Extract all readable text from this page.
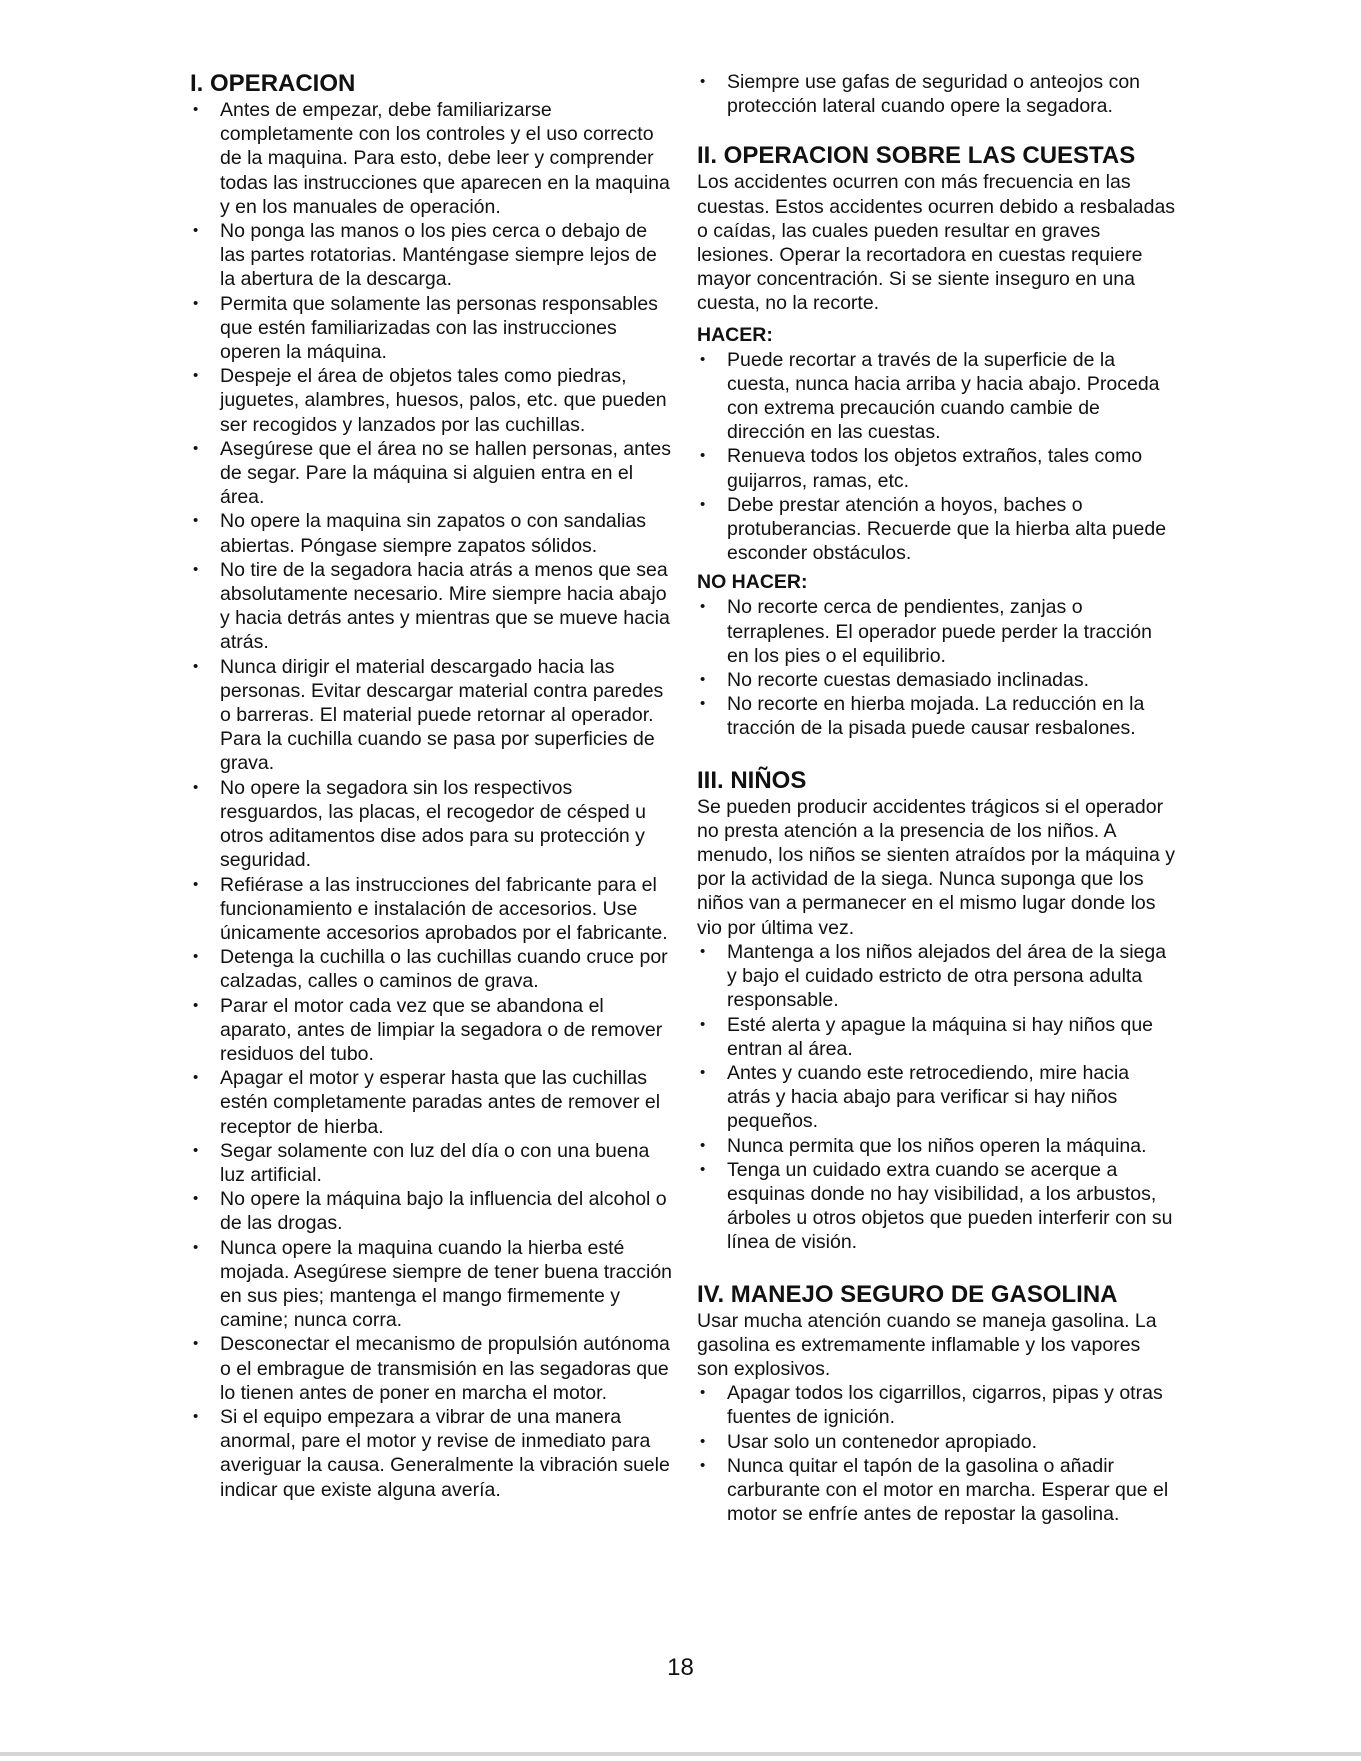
I. OPERACION
• Antes de empezar, debe familiarizarse completamente con los controles y el uso correcto de la maquina. Para esto, debe leer y comprender todas las instrucciones que aparecen en la maquina y en los manuales de operación.
• No ponga las manos o los pies cerca o debajo de las partes rotatorias. Manténgase siempre lejos de la abertura de la descarga.
• Permita que solamente las personas responsables que estén familiarizadas con las instrucciones operen la máquina.
• Despeje el área de objetos tales como piedras, juguetes, alambres, huesos, palos, etc. que pueden ser recogidos y lanzados por las cuchillas.
• Asegúrese que el área no se hallen personas, antes de segar. Pare la máquina si alguien entra en el área.
• No opere la maquina sin zapatos o con sandalias abiertas. Póngase siempre zapatos sólidos.
• No tire de la segadora hacia atrás a menos que sea absolutamente necesario. Mire siempre hacia abajo y hacia detrás antes y mientras que se mueve hacia atrás.
• Nunca dirigir el material descargado hacia las personas. Evitar descargar material contra paredes o barreras. El material puede retornar al operador. Para la cuchilla cuando se pasa por superficies de grava.
• No opere la segadora sin los respectivos resguardos, las placas, el recogedor de césped u otros aditamentos dise ados para su protección y seguridad.
• Refiérase a las instrucciones del fabricante para el funcionamiento e instalación de accesorios. Use únicamente accesorios aprobados por el fabricante.
• Detenga la cuchilla o las cuchillas cuando cruce por calzadas, calles o caminos de grava.
• Parar el motor cada vez que se abandona el aparato, antes de limpiar la segadora o de remover residuos del tubo.
• Apagar el motor y esperar hasta que las cuchillas estén completamente paradas antes de remover el receptor de hierba.
• Segar solamente con luz del día o con una buena luz artificial.
• No opere la máquina bajo la influencia del alcohol o de las drogas.
• Nunca opere la maquina cuando la hierba esté mojada. Asegúrese siempre de tener buena tracción en sus pies; mantenga el mango firmemente y camine; nunca corra.
• Desconectar el mecanismo de propulsión autónoma o el embrague de transmisión en las segadoras que lo tienen antes de poner en marcha el motor.
• Si el equipo empezara a vibrar de una manera anormal, pare el motor y revise de inmediato para averiguar la causa. Generalmente la vibración suele indicar que existe alguna avería.
• Siempre use gafas de seguridad o anteojos con protección lateral cuando opere la segadora.
II. OPERACION SOBRE LAS CUESTAS

Los accidentes ocurren con más frecuencia en las cuestas. Estos accidentes ocurren debido a resbaladas o caídas, las cuales pueden resultar en graves lesiones. Operar la recortadora en cuestas requiere mayor concentración. Si se siente inseguro en una cuesta, no la recorte.

HACER:
• Puede recortar a través de la superficie de la cuesta, nunca hacia arriba y hacia abajo. Proceda con extrema precaución cuando cambie de dirección en las cuestas.
• Renueva todos los objetos extraños, tales como guijarros, ramas, etc.
• Debe prestar atención a hoyos, baches o protuberancias. Recuerde que la hierba alta puede esconder obstáculos.
NO HACER:
• No recorte cerca de pendientes, zanjas o terraplenes. El operador puede perder la tracción en los pies o el equilibrio.
• No recorte cuestas demasiado inclinadas.
• No recorte en hierba mojada. La reducción en la tracción de la pisada puede causar resbalones.
III. NIÑOS

Se pueden producir accidentes trágicos si el operador no presta atención a la presencia de los niños. A menudo, los niños se sienten atraídos por la máquina y por la actividad de la siega. Nunca suponga que los niños van a permanecer en el mismo lugar donde los vio por última vez.

• Mantenga a los niños alejados del área de la siega y bajo el cuidado estricto de otra persona adulta responsable.
• Esté alerta y apague la máquina si hay niños que entran al área.
• Antes y cuando este retrocediendo, mire hacia atrás y hacia abajo para verificar si hay niños pequeños.
• Nunca permita que los niños operen la máquina.
• Tenga un cuidado extra cuando se acerque a esquinas donde no hay visibilidad, a los arbustos, árboles u otros objetos que pueden interferir con su línea de visión.
IV. MANEJO SEGURO DE GASOLINA

Usar mucha atención cuando se maneja gasolina. La gasolina es extremamente inflamable y los vapores son explosivos.

• Apagar todos los cigarrillos, cigarros, pipas y otras fuentes de ignición.
• Usar solo un contenedor apropiado.
• Nunca quitar el tapón de la gasolina o añadir carburante con el motor en marcha. Esperar que el motor se enfríe antes de repostar la gasolina.
18
